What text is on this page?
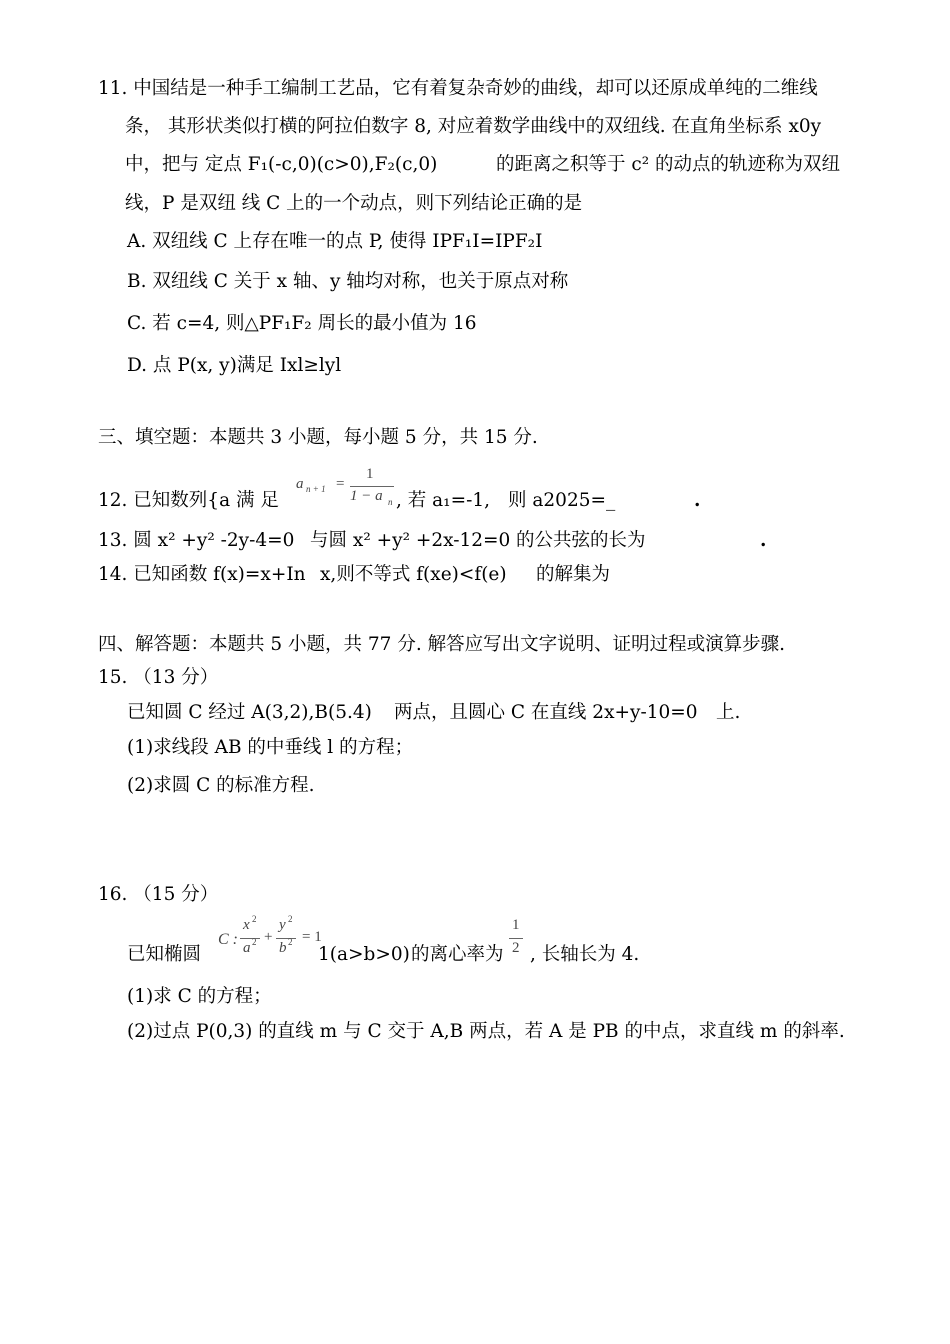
11. 中国结是一种手工编制工艺品，它有着复杂奇妙的曲线，却可以还原成单纯的二维线
条， 其形状类似打横的阿拉伯数字 8, 对应着数学曲线中的双纽线. 在直角坐标系 x0y
中，把与 定点 F₁(-c,0)(c>0),F₂(c,0)	的距离之积等于 c² 的动点的轨迹称为双纽
线，P 是双纽 线 C 上的一个动点，则下列结论正确的是
A. 双纽线 C 上存在唯一的点 P, 使得 IPF₁I=IPF₂I
B. 双纽线 C 关于 x 轴、y 轴均对称，也关于原点对称
C. 若 c=4, 则△PF₁F₂ 周长的最小值为 16
D. 点 P(x, y)满足 Ixl≥lyl
三、填空题：本题共 3 小题，每小题 5 分，共 15 分.
12. 已知数列{a 满 足
a n + 1 =
1
1 − a n , 若 a₁=-1, 则 a2025=_	.
13. 圆 x² +y² -2y-4=0 与圆 x² +y² +2x-12=0 的公共弦的长为	.
14. 已知函数 f(x)=x+In x,则不等式 f(xe)<f(e) 的解集为
四、解答题：本题共 5 小题，共 77 分. 解答应写出文字说明、证明过程或演算步骤.
15. （13 分）
已知圆 C 经过 A(3,2),B(5.4) 两点，且圆心 C 在直线 2x+y-10=0 上.
(1)求线段 AB 的中垂线 l 的方程；
(2)求圆 C 的标准方程.
16. （15 分）
已知椭圆
C :
x 2
a 2 +
y 2
b 2 = 1
1(a>b>0) 的离心率为
1
2 , 长轴长为 4.
(1)求 C 的方程；
(2)过点 P(0,3) 的直线 m 与 C 交于 A,B 两点，若 A 是 PB 的中点，求直线 m 的斜率.
